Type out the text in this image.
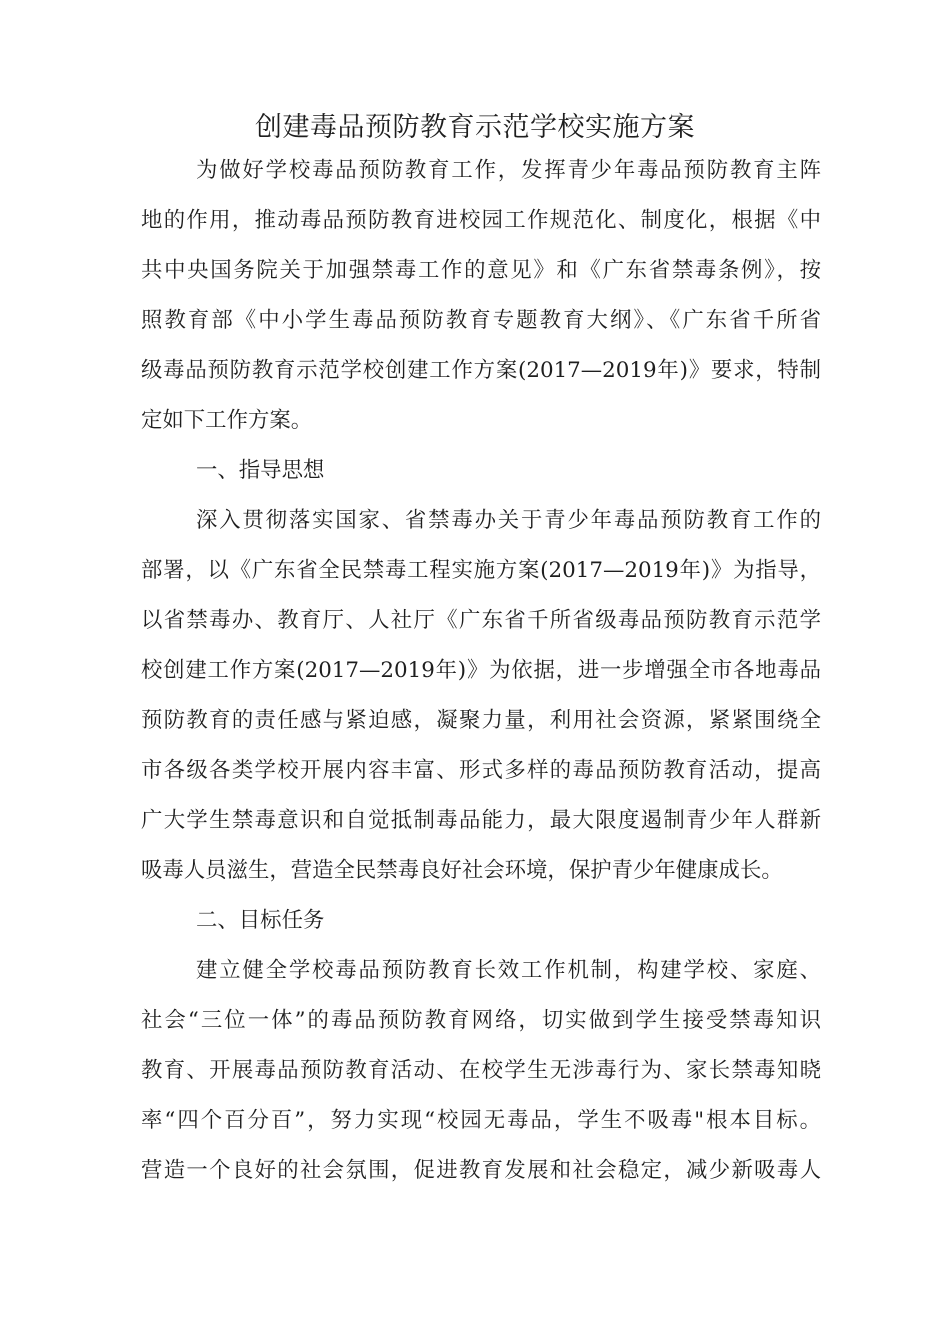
创建毒品预防教育示范学校实施方案
为做好学校毒品预防教育工作，发挥青少年毒品预防教育主阵
地的作用，推动毒品预防教育进校园工作规范化、制度化，根据《中
共中央国务院关于加强禁毒工作的意见》和《广东省禁毒条例》，按
照教育部《中小学生毒品预防教育专题教育大纲》、《广东省千所省
级毒品预防教育示范学校创建工作方案(2017—2019年)》要求，特制
定如下工作方案。
一、指导思想
深入贯彻落实国家、省禁毒办关于青少年毒品预防教育工作的
部署，以《广东省全民禁毒工程实施方案(2017—2019年)》为指导，
以省禁毒办、教育厅、人社厅《广东省千所省级毒品预防教育示范学
校创建工作方案(2017—2019年)》为依据，进一步增强全市各地毒品
预防教育的责任感与紧迫感，凝聚力量，利用社会资源，紧紧围绕全
市各级各类学校开展内容丰富、形式多样的毒品预防教育活动，提高
广大学生禁毒意识和自觉抵制毒品能力，最大限度遏制青少年人群新
吸毒人员滋生，营造全民禁毒良好社会环境，保护青少年健康成长。
二、目标任务
建立健全学校毒品预防教育长效工作机制，构建学校、家庭、
社会“三位一体”的毒品预防教育网络，切实做到学生接受禁毒知识
教育、开展毒品预防教育活动、在校学生无涉毒行为、家长禁毒知晓
率“四个百分百”，努力实现“校园无毒品，学生不吸毒"根本目标。
营造一个良好的社会氛围，促进教育发展和社会稳定，减少新吸毒人
